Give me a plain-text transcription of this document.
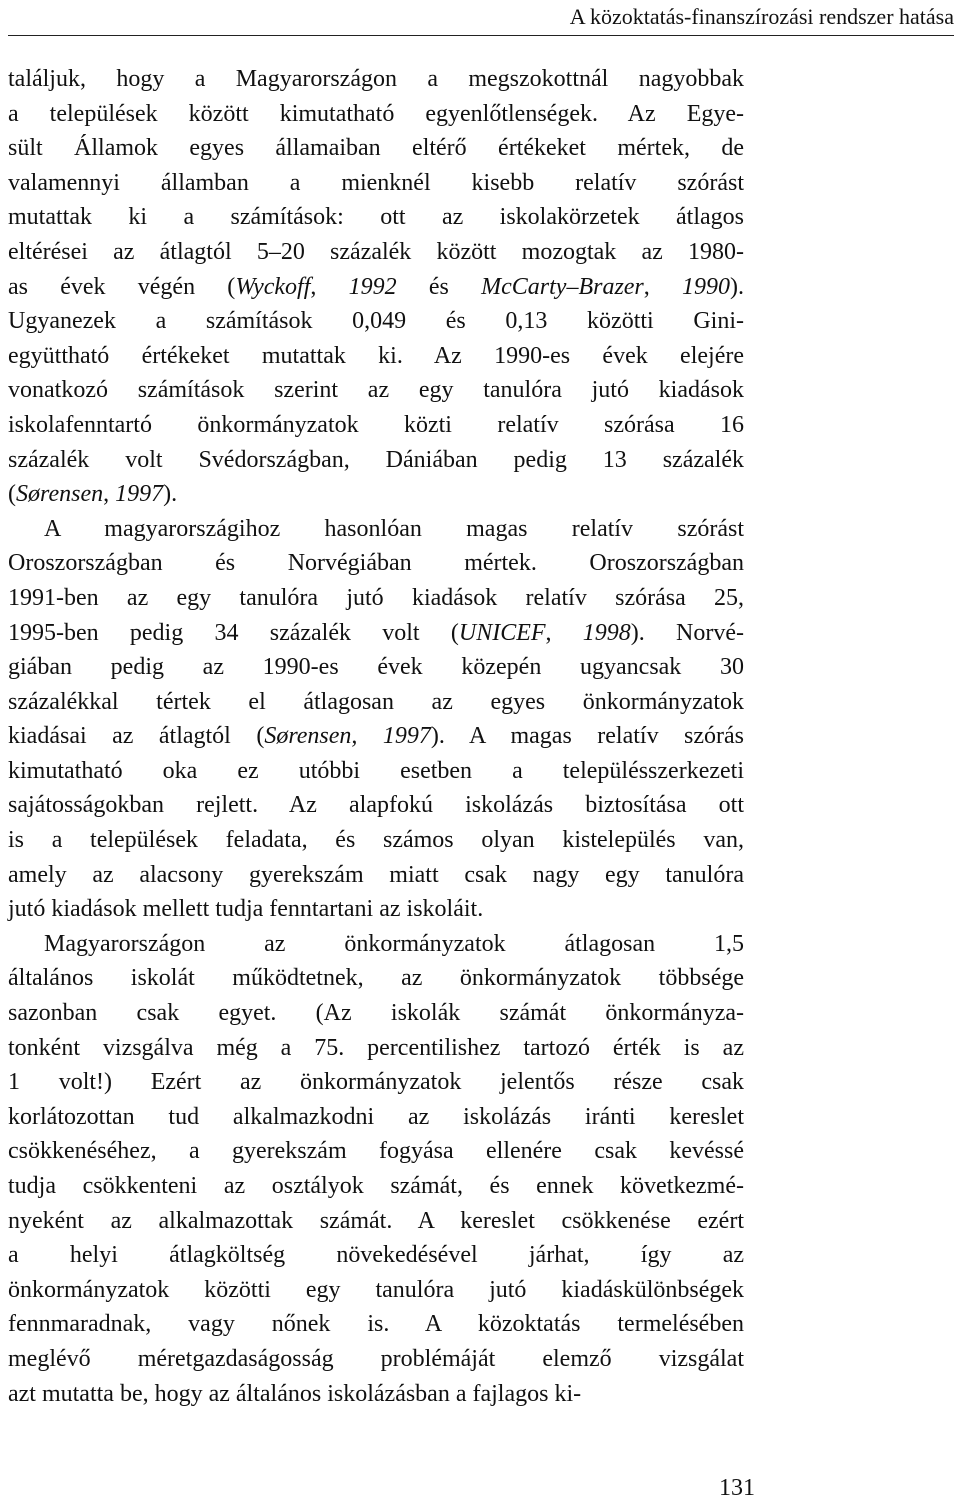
A közoktatás-finanszírozási rendszer hatása
találjuk, hogy a Magyarországon a megszokottnál nagyobbak
a települések között kimutatható egyenlőtlenségek. Az Egye-
sült Államok egyes államaiban eltérő értékeket mértek, de
valamennyi államban a mienknél kisebb relatív szórást
mutattak ki a számítások: ott az iskolakörzetek átlagos
eltérései az átlagtól 5–20 százalék között mozogtak az 1980-
as évek végén (Wyckoff, 1992 és McCarty–Brazer, 1990).
Ugyanezek a számítások 0,049 és 0,13 közötti Gini-
együttható értékeket mutattak ki. Az 1990-es évek elejére
vonatkozó számítások szerint az egy tanulóra jutó kiadások
iskolafenntartó önkormányzatok közti relatív szórása 16
százalék volt Svédországban, Dániában pedig 13 százalék
(Sørensen, 1997).
A magyarországihoz hasonlóan magas relatív szórást
Oroszországban és Norvégiában mértek. Oroszországban
1991-ben az egy tanulóra jutó kiadások relatív szórása 25,
1995-ben pedig 34 százalék volt (UNICEF, 1998). Norvé-
giában pedig az 1990-es évek közepén ugyancsak 30
százalékkal tértek el átlagosan az egyes önkormányzatok
kiadásai az átlagtól (Sørensen, 1997). A magas relatív szórás
kimutatható oka ez utóbbi esetben a településszerkezeti
sajátosságokban rejlett. Az alapfokú iskolázás biztosítása ott
is a települések feladata, és számos olyan kistelepülés van,
amely az alacsony gyerekszám miatt csak nagy egy tanulóra
jutó kiadások mellett tudja fenntartani az iskoláit.
Magyarországon az önkormányzatok átlagosan 1,5
általános iskolát működtetnek, az önkormányzatok többsége
sazonban csak egyet. (Az iskolák számát önkormányza-
tonként vizsgálva még a 75. percentilishez tartozó érték is az
1 volt!) Ezért az önkormányzatok jelentős része csak
korlátozottan tud alkalmazkodni az iskolázás iránti kereslet
csökkenéséhez, a gyerekszám fogyása ellenére csak kevéssé
tudja csökkenteni az osztályok számát, és ennek következmé-
nyeként az alkalmazottak számát. A kereslet csökkenése ezért
a helyi átlagköltség növekedésével járhat, így az
önkormányzatok közötti egy tanulóra jutó kiadáskülönbségek
fennmaradnak, vagy nőnek is. A közoktatás termelésében
meglévő méretgazdaságosság problémáját elemző vizsgálat
azt mutatta be, hogy az általános iskolázásban a fajlagos ki-
131
